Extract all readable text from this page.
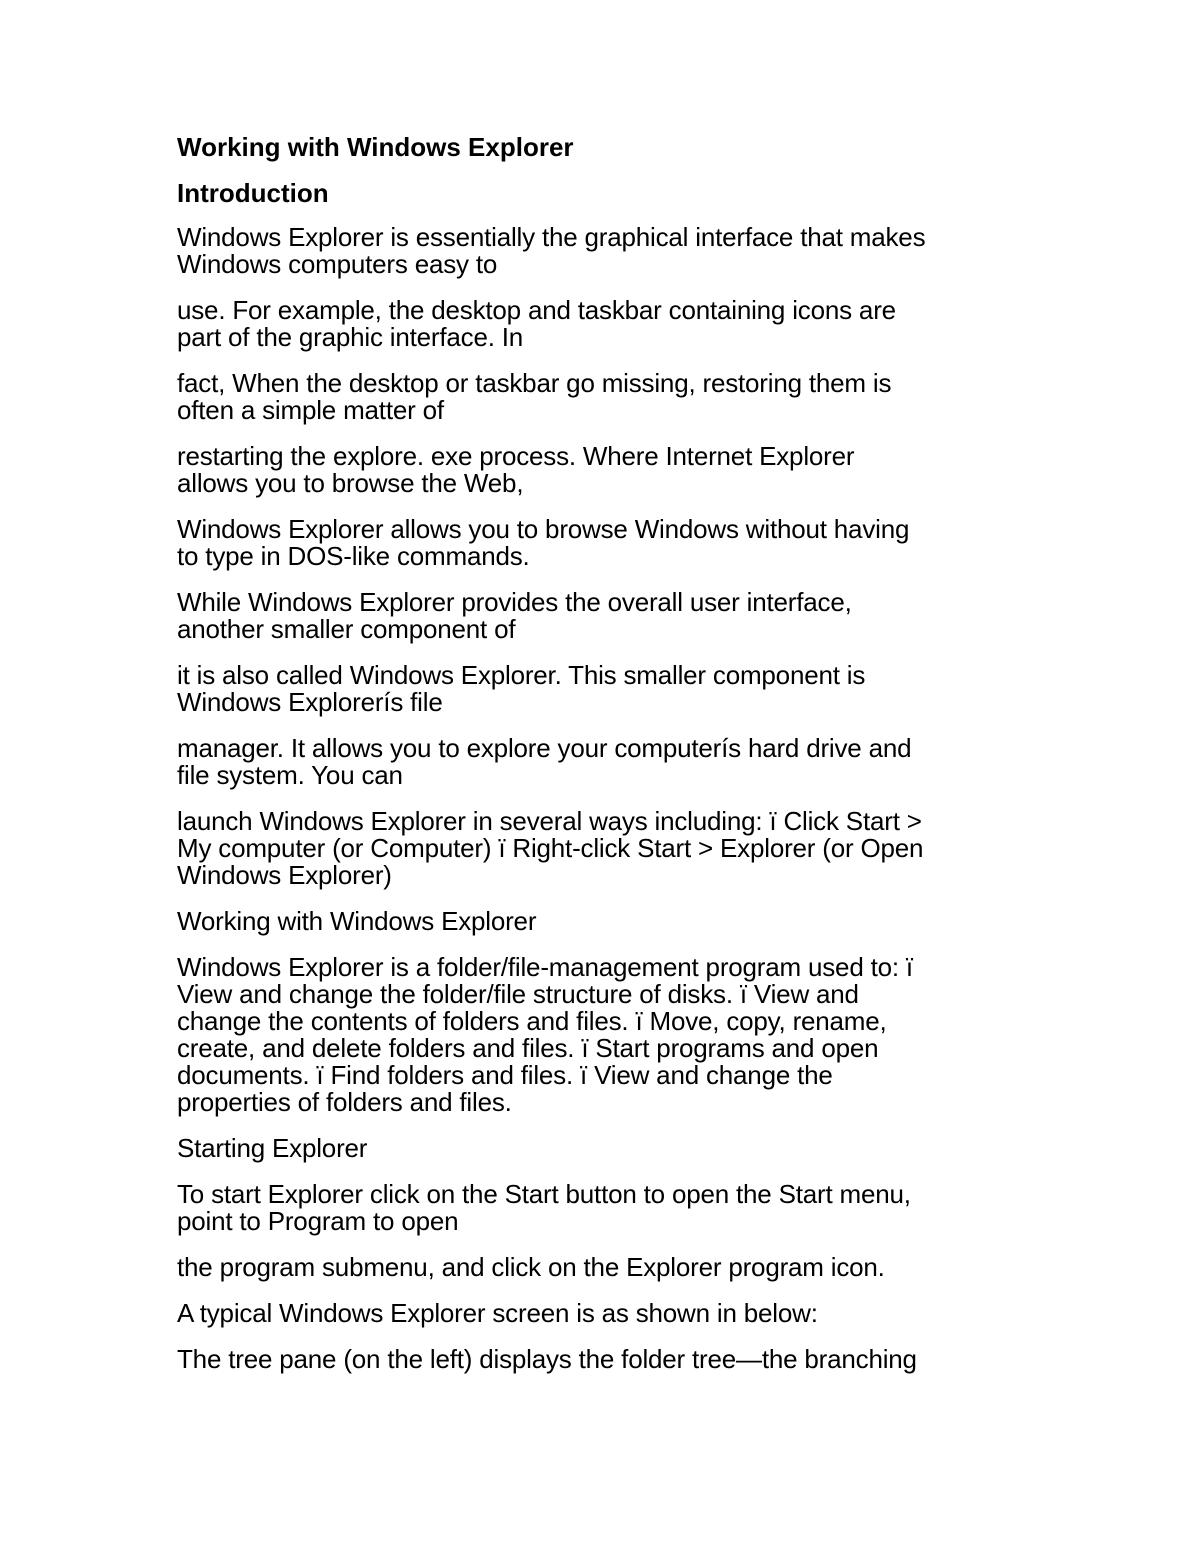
Working with Windows Explorer
Introduction
Windows Explorer is essentially the graphical interface that makes
Windows computers easy to
use. For example, the desktop and taskbar containing icons are
part of the graphic interface. In
fact, When the desktop or taskbar go missing, restoring them is
often a simple matter of
restarting the explore. exe process. Where Internet Explorer
allows you to browse the Web,
Windows Explorer allows you to browse Windows without having
to type in DOS-like commands.
While Windows Explorer provides the overall user interface,
another smaller component of
it is also called Windows Explorer. This smaller component is
Windows Explorerís file
manager. It allows you to explore your computerís hard drive and
file system. You can
launch Windows Explorer in several ways including: ï Click Start >
My computer (or Computer) ï Right-click Start > Explorer (or Open
Windows Explorer)
Working with Windows Explorer
Windows Explorer is a folder/file-management program used to: ï
View and change the folder/file structure of disks. ï View and
change the contents of folders and files. ï Move, copy, rename,
create, and delete folders and files. ï Start programs and open
documents. ï Find folders and files. ï View and change the
properties of folders and files.
Starting Explorer
To start Explorer click on the Start button to open the Start menu,
point to Program to open
the program submenu, and click on the Explorer program icon.
A typical Windows Explorer screen is as shown in below:
The tree pane (on the left) displays the folder tree—the branching
